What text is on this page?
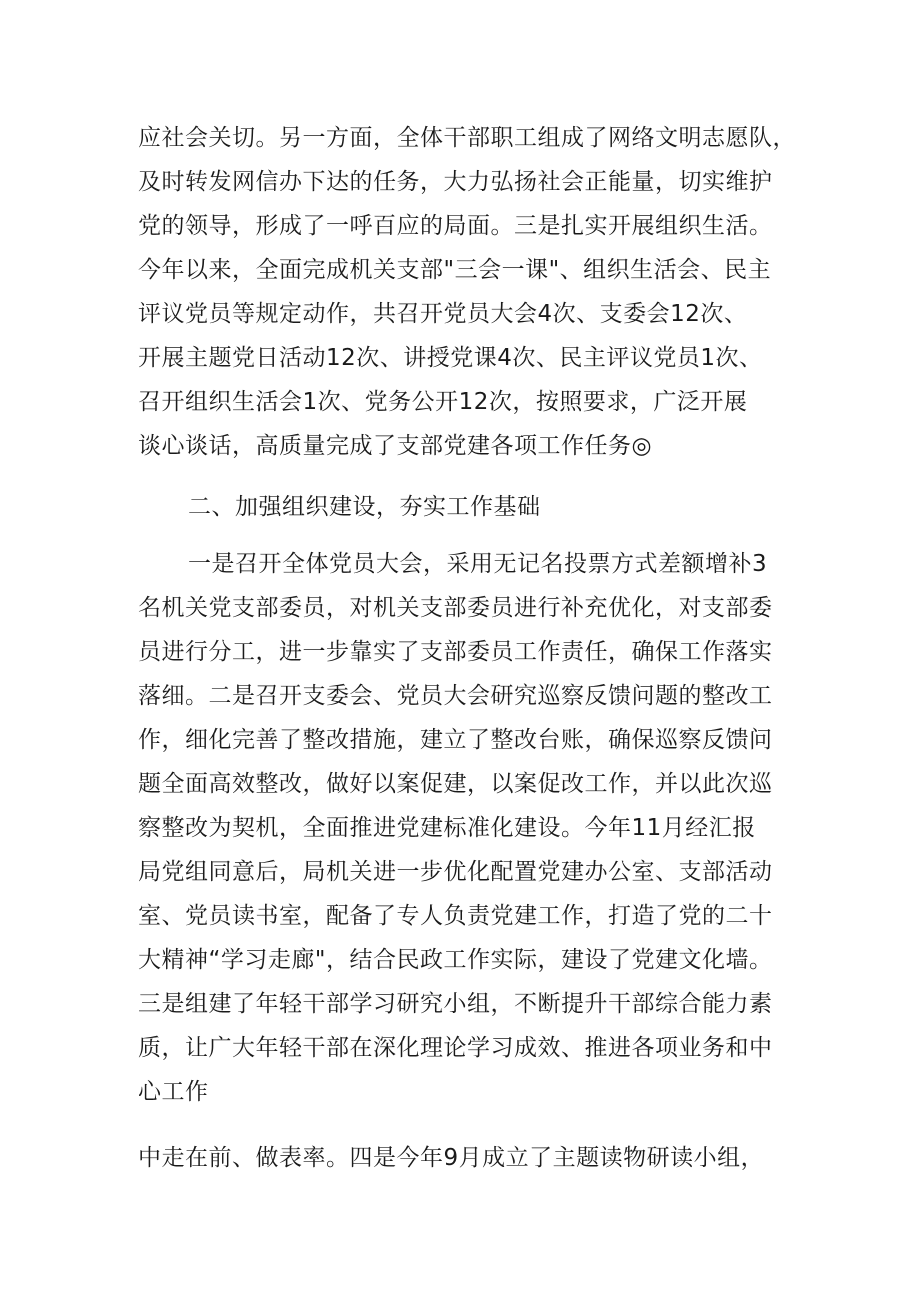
应社会关切。另一方面，全体干部职工组成了网络文明志愿队，
及时转发网信办下达的任务，大力弘扬社会正能量，切实维护
党的领导，形成了一呼百应的局面。三是扎实开展组织生活。
今年以来，全面完成机关支部"三会一课"、组织生活会、民主
评议党员等规定动作，共召开党员大会4次、支委会12次、
开展主题党日活动12次、讲授党课4次、民主评议党员1次、
召开组织生活会1次、党务公开12次，按照要求，广泛开展
谈心谈话，高质量完成了支部党建各项工作任务◎
二、加强组织建设，夯实工作基础
一是召开全体党员大会，采用无记名投票方式差额增补3
名机关党支部委员，对机关支部委员进行补充优化，对支部委
员进行分工，进一步靠实了支部委员工作责任，确保工作落实
落细。二是召开支委会、党员大会研究巡察反馈问题的整改工
作，细化完善了整改措施，建立了整改台账，确保巡察反馈问
题全面高效整改，做好以案促建，以案促改工作，并以此次巡
察整改为契机，全面推进党建标准化建设。今年11月经汇报
局党组同意后，局机关进一步优化配置党建办公室、支部活动
室、党员读书室，配备了专人负责党建工作，打造了党的二十
大精神“学习走廊"，结合民政工作实际，建设了党建文化墙。
三是组建了年轻干部学习研究小组，不断提升干部综合能力素
质，让广大年轻干部在深化理论学习成效、推进各项业务和中
心工作
中走在前、做表率。四是今年9月成立了主题读物研读小组，
